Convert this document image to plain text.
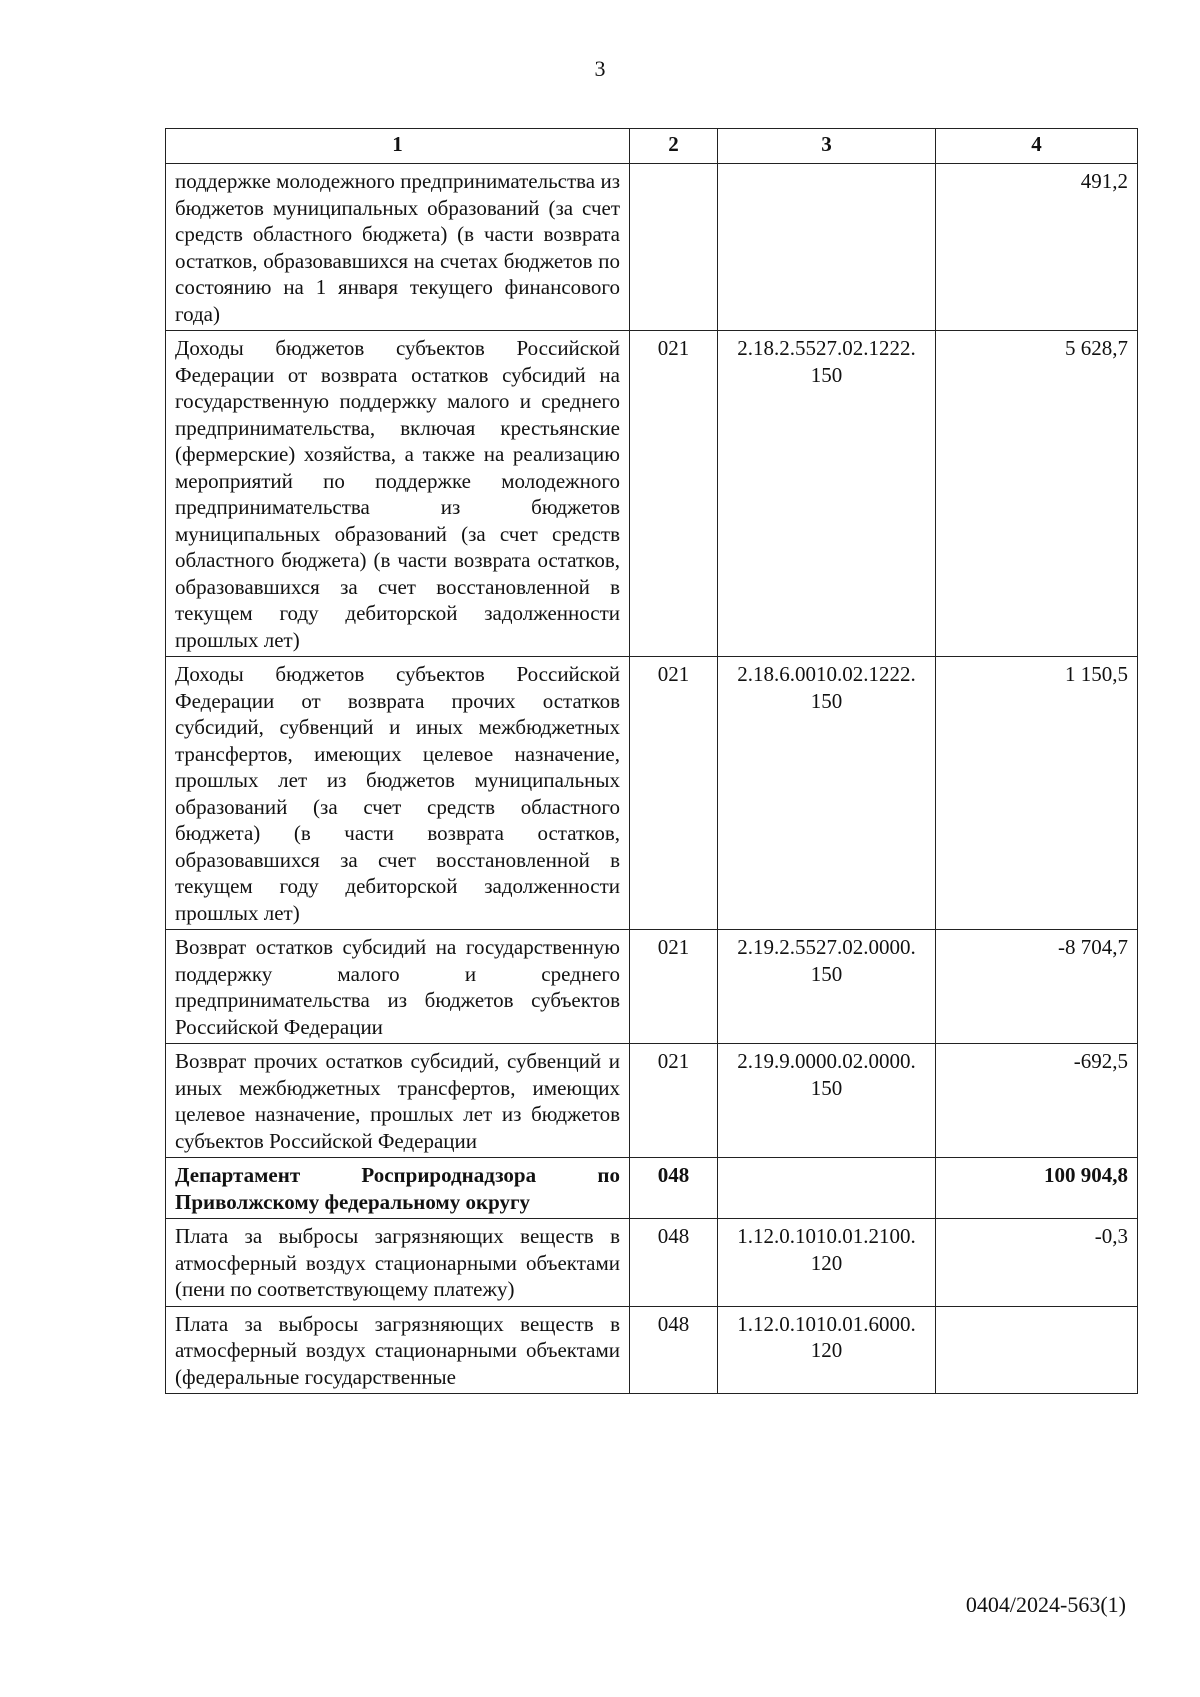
3
1	2	3	4
поддержке молодежного предпринимательства из бюджетов муниципальных образований (за счет средств областного бюджета) (в части возврата остатков, образовавшихся на счетах бюджетов по состоянию на 1 января текущего финансового года)			491,2
Доходы бюджетов субъектов Российской Федерации от возврата остатков субсидий на государственную поддержку малого и среднего предпринимательства, включая крестьянские (фермерские) хозяйства, а также на реализацию мероприятий по поддержке молодежного предпринимательства из бюджетов муниципальных образований (за счет средств областного бюджета) (в части возврата остатков, образовавшихся за счет восстановленной в текущем году дебиторской задолженности прошлых лет)	021	2.18.2.5527.02.1222. 150	5 628,7
Доходы бюджетов субъектов Российской Федерации от возврата прочих остатков субсидий, субвенций и иных межбюджетных трансфертов, имеющих целевое назначение, прошлых лет из бюджетов муниципальных образований (за счет средств областного бюджета) (в части возврата остатков, образовавшихся за счет восстановленной в текущем году дебиторской задолженности прошлых лет)	021	2.18.6.0010.02.1222. 150	1 150,5
Возврат остатков субсидий на государственную поддержку малого и среднего предпринимательства из бюджетов субъектов Российской Федерации	021	2.19.2.5527.02.0000. 150	-8 704,7
Возврат прочих остатков субсидий, субвенций и иных межбюджетных трансфертов, имеющих целевое назначение, прошлых лет из бюджетов субъектов Российской Федерации	021	2.19.9.0000.02.0000. 150	-692,5
Департамент Росприроднадзора по Приволжскому федеральному округу	048		100 904,8
Плата за выбросы загрязняющих веществ в атмосферный воздух стационарными объектами (пени по соответствующему платежу)	048	1.12.0.1010.01.2100. 120	-0,3
Плата за выбросы загрязняющих веществ в атмосферный воздух стационарными объектами (федеральные государственные	048	1.12.0.1010.01.6000. 120	
0404/2024-563(1)
